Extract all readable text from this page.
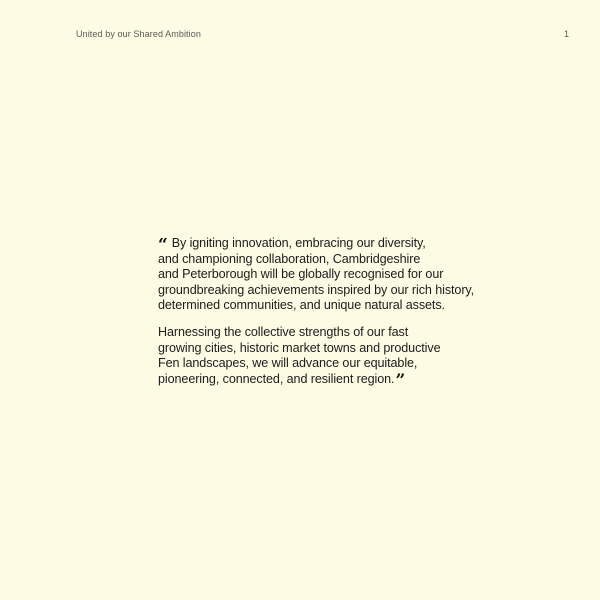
United by our Shared Ambition	1

“ By igniting innovation, embracing our diversity,
and championing collaboration, Cambridgeshire
and Peterborough will be globally recognised for our
groundbreaking achievements inspired by our rich history,
determined communities, and unique natural assets.

Harnessing the collective strengths of our fast
growing cities, historic market towns and productive
Fen landscapes, we will advance our equitable,
pioneering, connected, and resilient region.”
